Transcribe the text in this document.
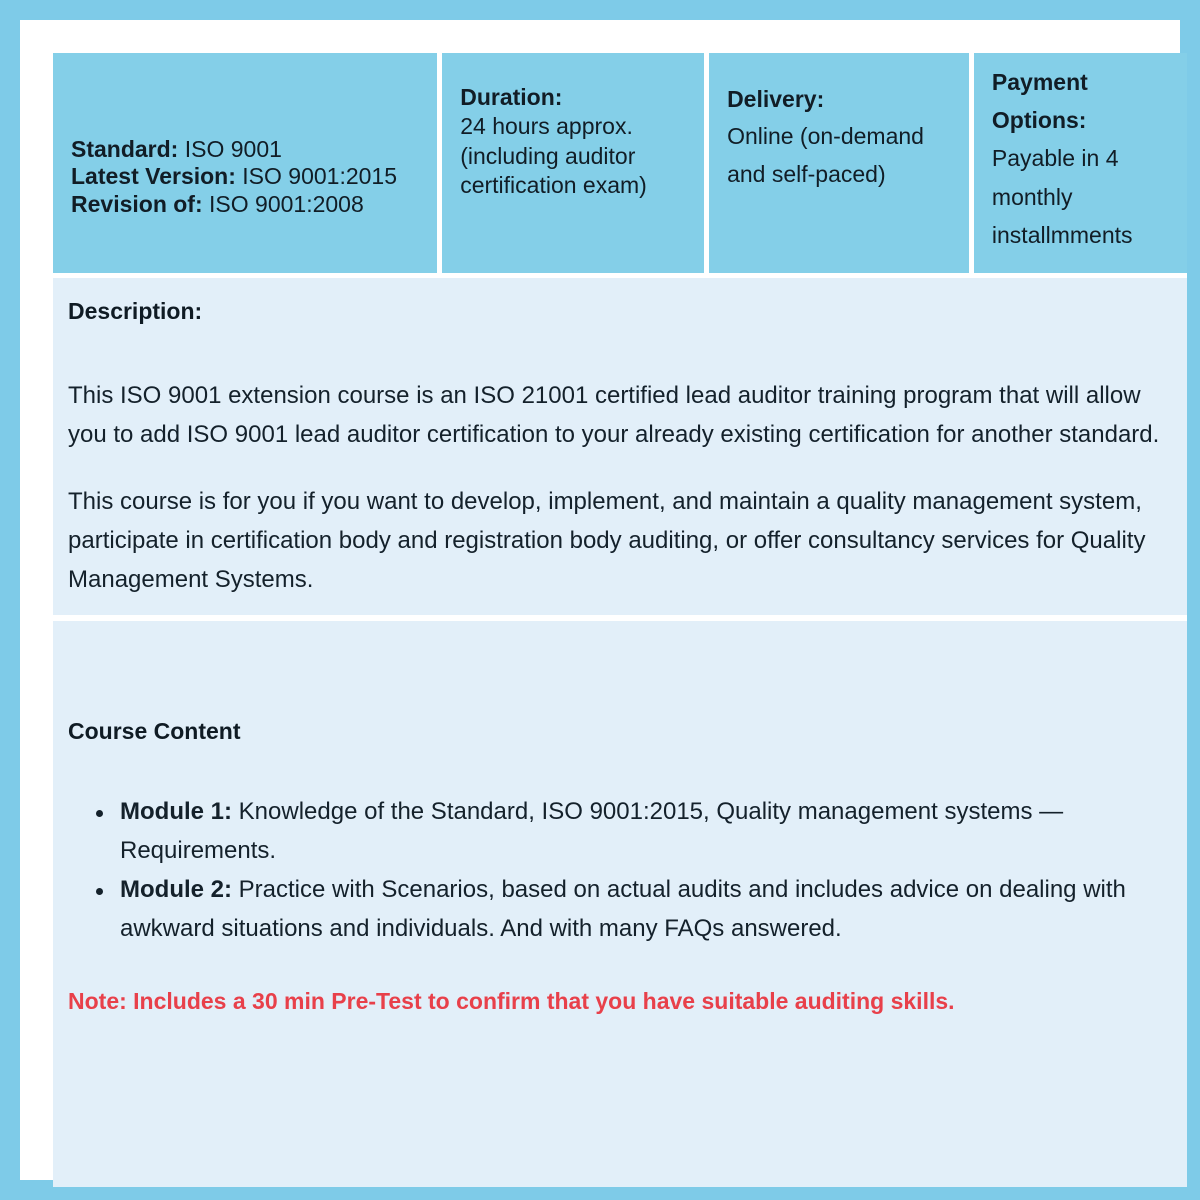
Standard: ISO 9001
Latest Version: ISO 9001:2015
Revision of: ISO 9001:2008
Duration:
24 hours approx. (including auditor certification exam)
Delivery:
Online (on-demand and self-paced)
Payment Options:
Payable in 4 monthly installmments
Description:

This ISO 9001 extension course is an ISO 21001 certified lead auditor training program that will allow you to add ISO 9001 lead auditor certification to your already existing certification for another standard.

This course is for you if you want to develop, implement, and maintain a quality management system, participate in certification body and registration body auditing, or offer consultancy services for Quality Management Systems.

Course Content
Module 1: Knowledge of the Standard, ISO 9001:2015, Quality management systems — Requirements.
Module 2: Practice with Scenarios, based on actual audits and includes advice on dealing with awkward situations and individuals. And with many FAQs answered.
Note: Includes a 30 min Pre-Test to confirm that you have suitable auditing skills.
